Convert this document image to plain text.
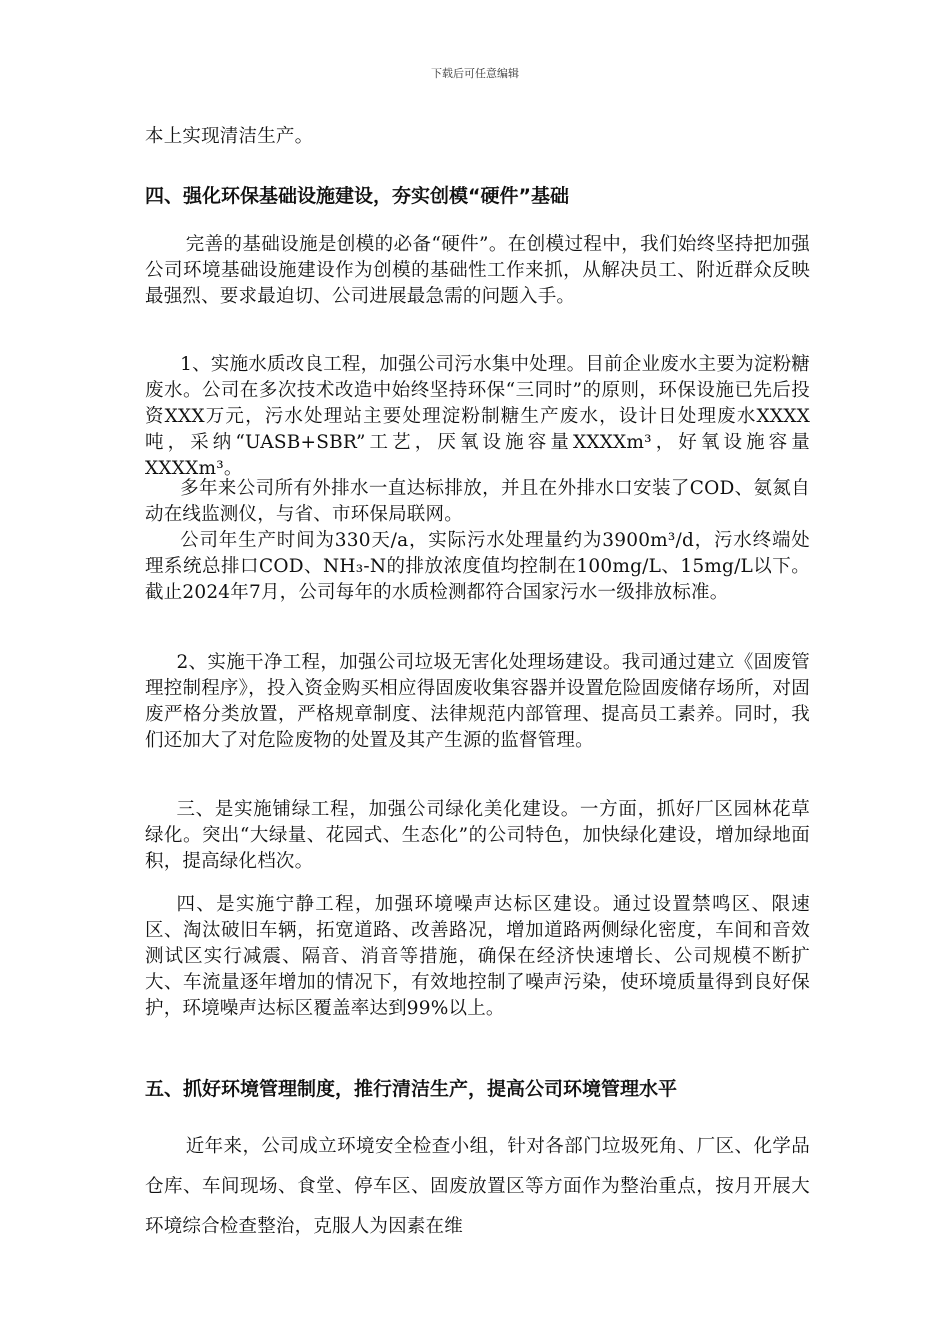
下载后可任意编辑

本上实现清洁生产。

四、强化环保基础设施建设，夯实创模“硬件”基础

完善的基础设施是创模的必备“硬件”。在创模过程中，我们始终坚持把加强公司环境基础设施建设作为创模的基础性工作来抓，从解决员工、附近群众反映最强烈、要求最迫切、公司进展最急需的问题入手。

1、实施水质改良工程，加强公司污水集中处理。目前企业废水主要为淀粉糖废水。公司在多次技术改造中始终坚持环保“三同时”的原则，环保设施已先后投资XXX万元，污水处理站主要处理淀粉制糖生产废水，设计日处理废水XXXX吨，采纳“UASB+SBR”工艺，厌氧设施容量XXXXm³，好氧设施容量XXXXm³。

多年来公司所有外排水一直达标排放，并且在外排水口安装了COD、氨氮自动在线监测仪，与省、市环保局联网。

公司年生产时间为330天/a，实际污水处理量约为3900m³/d，污水终端处理系统总排口COD、NH₃-N的排放浓度值均控制在100mg/L、15mg/L以下。截止2024年7月，公司每年的水质检测都符合国家污水一级排放标准。

2、实施干净工程，加强公司垃圾无害化处理场建设。我司通过建立《固废管理控制程序》，投入资金购买相应得固废收集容器并设置危险固废储存场所，对固废严格分类放置，严格规章制度、法律规范内部管理、提高员工素养。同时，我们还加大了对危险废物的处置及其产生源的监督管理。

三、是实施铺绿工程，加强公司绿化美化建设。一方面，抓好厂区园林花草绿化。突出“大绿量、花园式、生态化”的公司特色，加快绿化建设，增加绿地面积，提高绿化档次。

四、是实施宁静工程，加强环境噪声达标区建设。通过设置禁鸣区、限速区、淘汰破旧车辆，拓宽道路、改善路况，增加道路两侧绿化密度，车间和音效测试区实行减震、隔音、消音等措施，确保在经济快速增长、公司规模不断扩大、车流量逐年增加的情况下，有效地控制了噪声污染，使环境质量得到良好保护，环境噪声达标区覆盖率达到99%以上。

五、抓好环境管理制度，推行清洁生产，提高公司环境管理水平

近年来，公司成立环境安全检查小组，针对各部门垃圾死角、厂区、化学品仓库、车间现场、食堂、停车区、固废放置区等方面作为整治重点，按月开展大环境综合检查整治，克服人为因素在维
